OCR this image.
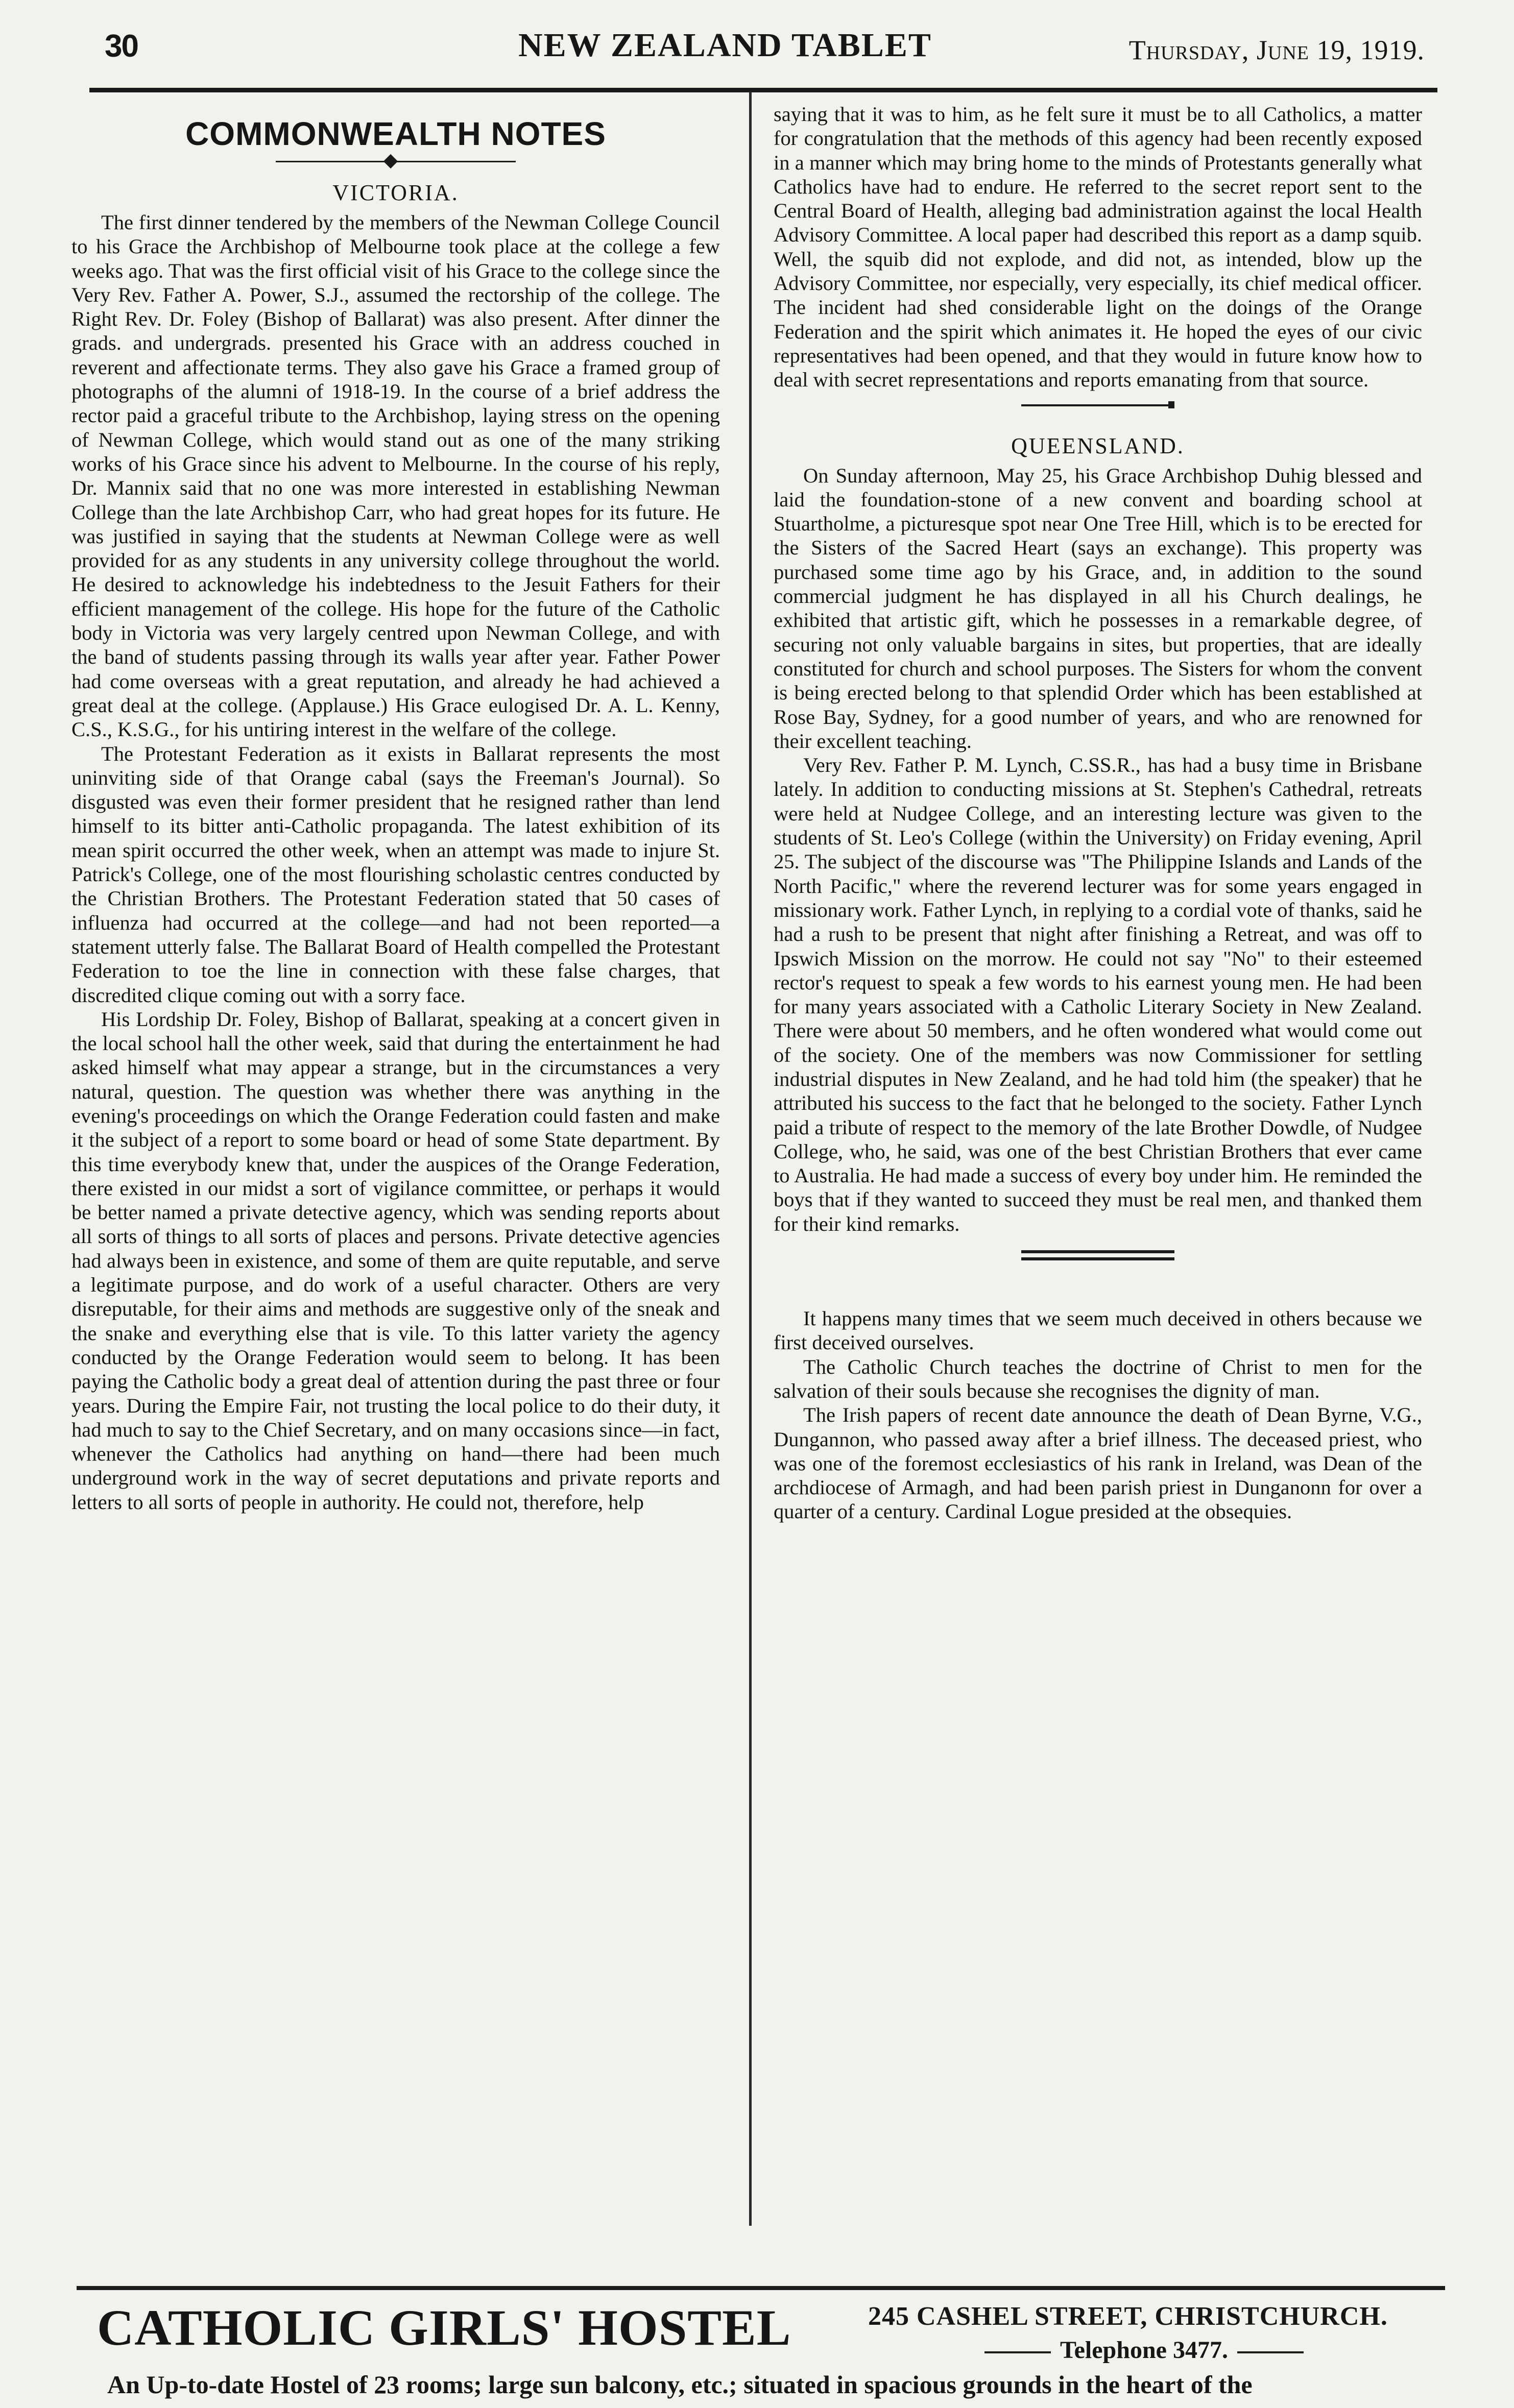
30	NEW ZEALAND TABLET	Thursday, June 19, 1919.
COMMONWEALTH NOTES
VICTORIA.

The first dinner tendered by the members of the Newman College Council to his Grace the Archbishop of Melbourne took place at the college a few weeks ago. That was the first official visit of his Grace to the college since the Very Rev. Father A. Power, S.J., assumed the rectorship of the college. The Right Rev. Dr. Foley (Bishop of Ballarat) was also present. After dinner the grads. and undergrads. presented his Grace with an address couched in reverent and affectionate terms. They also gave his Grace a framed group of photographs of the alumni of 1918-19. In the course of a brief address the rector paid a graceful tribute to the Archbishop, laying stress on the opening of Newman College, which would stand out as one of the many striking works of his Grace since his advent to Melbourne. In the course of his reply, Dr. Mannix said that no one was more interested in establishing Newman College than the late Archbishop Carr, who had great hopes for its future. He was justified in saying that the students at Newman College were as well provided for as any students in any university college throughout the world. He desired to acknowledge his indebtedness to the Jesuit Fathers for their efficient management of the college. His hope for the future of the Catholic body in Victoria was very largely centred upon Newman College, and with the band of students passing through its walls year after year. Father Power had come overseas with a great reputation, and already he had achieved a great deal at the college. (Applause.) His Grace eulogised Dr. A. L. Kenny, C.S., K.S.G., for his untiring interest in the welfare of the college.

The Protestant Federation as it exists in Ballarat represents the most uninviting side of that Orange cabal (says the Freeman's Journal). So disgusted was even their former president that he resigned rather than lend himself to its bitter anti-Catholic propaganda. The latest exhibition of its mean spirit occurred the other week, when an attempt was made to injure St. Patrick's College, one of the most flourishing scholastic centres conducted by the Christian Brothers. The Protestant Federation stated that 50 cases of influenza had occurred at the college—and had not been reported—a statement utterly false. The Ballarat Board of Health compelled the Protestant Federation to toe the line in connection with these false charges, that discredited clique coming out with a sorry face.

His Lordship Dr. Foley, Bishop of Ballarat, speaking at a concert given in the local school hall the other week, said that during the entertainment he had asked himself what may appear a strange, but in the circumstances a very natural, question. The question was whether there was anything in the evening's proceedings on which the Orange Federation could fasten and make it the subject of a report to some board or head of some State department. By this time everybody knew that, under the auspices of the Orange Federation, there existed in our midst a sort of vigilance committee, or perhaps it would be better named a private detective agency, which was sending reports about all sorts of things to all sorts of places and persons. Private detective agencies had always been in existence, and some of them are quite reputable, and serve a legitimate purpose, and do work of a useful character. Others are very disreputable, for their aims and methods are suggestive only of the sneak and the snake and everything else that is vile. To this latter variety the agency conducted by the Orange Federation would seem to belong. It has been paying the Catholic body a great deal of attention during the past three or four years. During the Empire Fair, not trusting the local police to do their duty, it had much to say to the Chief Secretary, and on many occasions since—in fact, whenever the Catholics had anything on hand—there had been much underground work in the way of secret deputations and private reports and letters to all sorts of people in authority. He could not, therefore, help

saying that it was to him, as he felt sure it must be to all Catholics, a matter for congratulation that the methods of this agency had been recently exposed in a manner which may bring home to the minds of Protestants generally what Catholics have had to endure. He referred to the secret report sent to the Central Board of Health, alleging bad administration against the local Health Advisory Committee. A local paper had described this report as a damp squib. Well, the squib did not explode, and did not, as intended, blow up the Advisory Committee, nor especially, very especially, its chief medical officer. The incident had shed considerable light on the doings of the Orange Federation and the spirit which animates it. He hoped the eyes of our civic representatives had been opened, and that they would in future know how to deal with secret representations and reports emanating from that source.

QUEENSLAND.

On Sunday afternoon, May 25, his Grace Archbishop Duhig blessed and laid the foundation-stone of a new convent and boarding school at Stuartholme, a picturesque spot near One Tree Hill, which is to be erected for the Sisters of the Sacred Heart (says an exchange). This property was purchased some time ago by his Grace, and, in addition to the sound commercial judgment he has displayed in all his Church dealings, he exhibited that artistic gift, which he possesses in a remarkable degree, of securing not only valuable bargains in sites, but properties, that are ideally constituted for church and school purposes. The Sisters for whom the convent is being erected belong to that splendid Order which has been established at Rose Bay, Sydney, for a good number of years, and who are renowned for their excellent teaching.

Very Rev. Father P. M. Lynch, C.SS.R., has had a busy time in Brisbane lately. In addition to conducting missions at St. Stephen's Cathedral, retreats were held at Nudgee College, and an interesting lecture was given to the students of St. Leo's College (within the University) on Friday evening, April 25. The subject of the discourse was "The Philippine Islands and Lands of the North Pacific," where the reverend lecturer was for some years engaged in missionary work. Father Lynch, in replying to a cordial vote of thanks, said he had a rush to be present that night after finishing a Retreat, and was off to Ipswich Mission on the morrow. He could not say "No" to their esteemed rector's request to speak a few words to his earnest young men. He had been for many years associated with a Catholic Literary Society in New Zealand. There were about 50 members, and he often wondered what would come out of the society. One of the members was now Commissioner for settling industrial disputes in New Zealand, and he had told him (the speaker) that he attributed his success to the fact that he belonged to the society. Father Lynch paid a tribute of respect to the memory of the late Brother Dowdle, of Nudgee College, who, he said, was one of the best Christian Brothers that ever came to Australia. He had made a success of every boy under him. He reminded the boys that if they wanted to succeed they must be real men, and thanked them for their kind remarks.

It happens many times that we seem much deceived in others because we first deceived ourselves.

The Catholic Church teaches the doctrine of Christ to men for the salvation of their souls because she recognises the dignity of man.

The Irish papers of recent date announce the death of Dean Byrne, V.G., Dungannon, who passed away after a brief illness. The deceased priest, who was one of the foremost ecclesiastics of his rank in Ireland, was Dean of the archdiocese of Armagh, and had been parish priest in Dunganonn for over a quarter of a century. Cardinal Logue presided at the obsequies.

CATHOLIC GIRLS' HOSTEL	245 CASHEL STREET, CHRISTCHURCH.
Telephone 3477.
An Up-to-date Hostel of 23 rooms; large sun balcony, etc.; situated in spacious grounds in the heart of the
